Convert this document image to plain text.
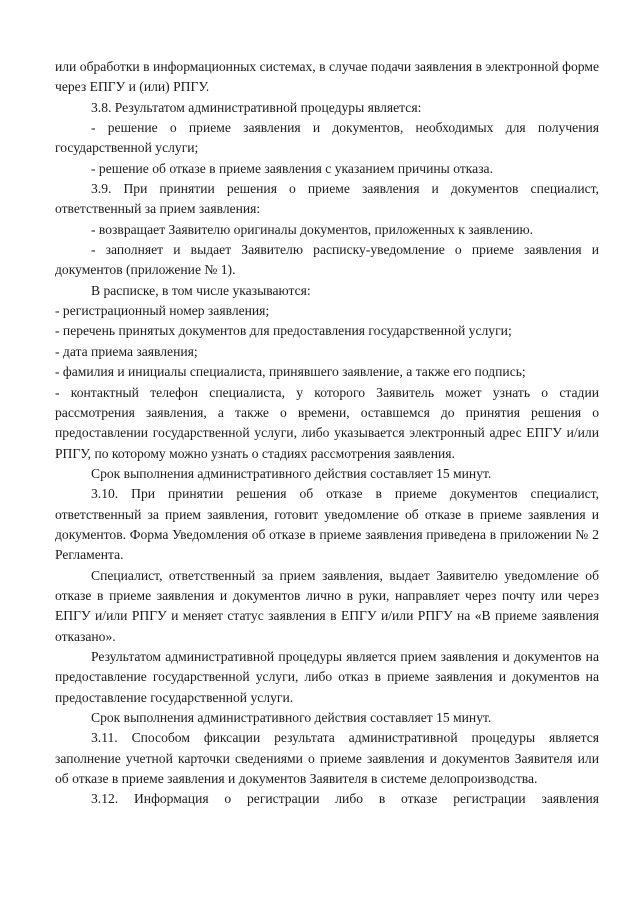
или обработки в информационных системах, в случае подачи заявления в электронной форме через ЕПГУ и (или) РПГУ.

3.8. Результатом административной процедуры является:

- решение о приеме заявления и документов, необходимых для получения государственной услуги;

- решение об отказе в приеме заявления с указанием причины отказа.

3.9. При принятии решения о приеме заявления и документов специалист, ответственный за прием заявления:

- возвращает Заявителю оригиналы документов, приложенных к заявлению.

- заполняет и выдает Заявителю расписку-уведомление о приеме заявления и документов (приложение № 1).

В расписке, в том числе указываются:

- регистрационный номер заявления;

- перечень принятых документов для предоставления государственной услуги;

- дата приема заявления;

- фамилия и инициалы специалиста, принявшего заявление, а также его подпись;

- контактный телефон специалиста, у которого Заявитель может узнать о стадии рассмотрения заявления, а также о времени, оставшемся до принятия решения о предоставлении государственной услуги, либо указывается электронный адрес ЕПГУ и/или РПГУ, по которому можно узнать о стадиях рассмотрения заявления.

Срок выполнения административного действия составляет 15 минут.

3.10. При принятии решения об отказе в приеме документов специалист, ответственный за прием заявления, готовит уведомление об отказе в приеме заявления и документов. Форма Уведомления об отказе в приеме заявления приведена в приложении № 2 Регламента.

Специалист, ответственный за прием заявления, выдает Заявителю уведомление об отказе в приеме заявления и документов лично в руки, направляет через почту или через ЕПГУ и/или РПГУ и меняет статус заявления в ЕПГУ и/или РПГУ на «В приеме заявления отказано».

Результатом административной процедуры является прием заявления и документов на предоставление государственной услуги, либо отказ в приеме заявления и документов на предоставление государственной услуги.

Срок выполнения административного действия составляет 15 минут.

3.11. Способом фиксации результата административной процедуры является заполнение учетной карточки сведениями о приеме заявления и документов Заявителя или об отказе в приеме заявления и документов Заявителя в системе делопроизводства.

3.12. Информация о регистрации либо в отказе регистрации заявления
